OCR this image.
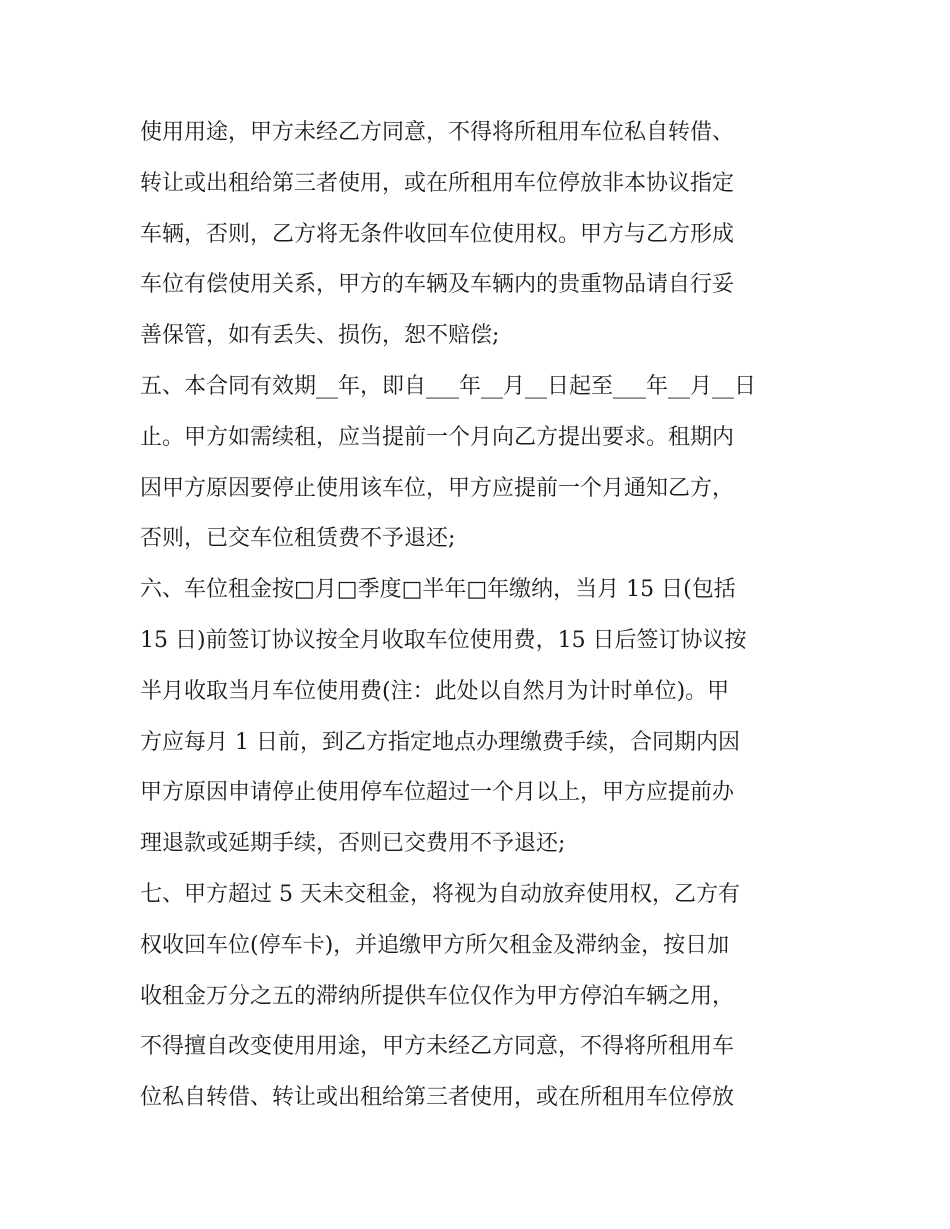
使用用途，甲方未经乙方同意，不得将所租用车位私自转借、
转让或出租给第三者使用，或在所租用车位停放非本协议指定
车辆，否则，乙方将无条件收回车位使用权。甲方与乙方形成
车位有偿使用关系，甲方的车辆及车辆内的贵重物品请自行妥
善保管，如有丢失、损伤，恕不赔偿;
五、本合同有效期__年，即自___年__月__日起至___年__月__日
止。甲方如需续租，应当提前一个月向乙方提出要求。租期内
因甲方原因要停止使用该车位，甲方应提前一个月通知乙方，
否则，已交车位租赁费不予退还;
六、车位租金按□月□季度□半年□年缴纳，当月 15 日(包括
15 日)前签订协议按全月收取车位使用费，15 日后签订协议按
半月收取当月车位使用费(注：此处以自然月为计时单位)。甲
方应每月 1 日前，到乙方指定地点办理缴费手续，合同期内因
甲方原因申请停止使用停车位超过一个月以上，甲方应提前办
理退款或延期手续，否则已交费用不予退还;
七、甲方超过 5 天未交租金，将视为自动放弃使用权，乙方有
权收回车位(停车卡)，并追缴甲方所欠租金及滞纳金，按日加
收租金万分之五的滞纳所提供车位仅作为甲方停泊车辆之用，
不得擅自改变使用用途，甲方未经乙方同意，不得将所租用车
位私自转借、转让或出租给第三者使用，或在所租用车位停放
